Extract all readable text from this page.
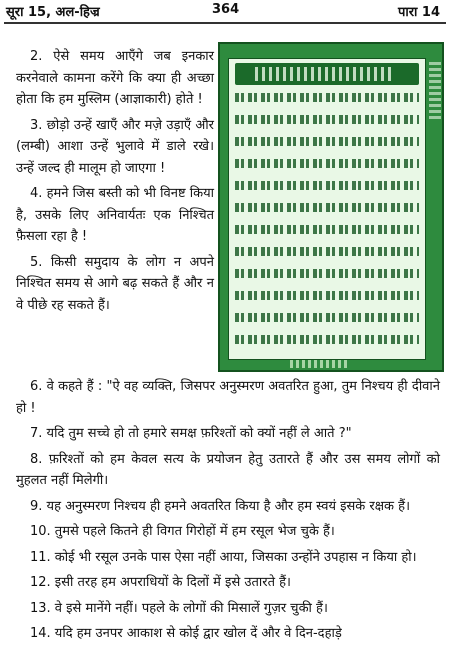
सूरा 15, अल-हिज्र	364	पारा 14

2. ऐसे समय आएँगे जब इनकार करनेवाले कामना करेंगे कि क्या ही अच्छा होता कि हम मुस्लिम (आज्ञाकारी) होते !

3. छोड़ो उन्हें खाएँ और मज़े उड़ाएँ और (लम्बी) आशा उन्हें भुलावे में डाले रखे। उन्हें जल्द ही मालूम हो जाएगा !

4. हमने जिस बस्ती को भी विनष्ट किया है, उसके लिए अनिवार्यतः एक निश्चित फ़ैसला रहा है !

5. किसी समुदाय के लोग न अपने निश्चित समय से आगे बढ़ सकते हैं और न वे पीछे रह सकते हैं।

6. वे कहते हैं : "ऐ वह व्यक्ति, जिसपर अनुस्मरण अवतरित हुआ, तुम निश्चय ही दीवाने हो !

7. यदि तुम सच्चे हो तो हमारे समक्ष फ़रिश्तों को क्यों नहीं ले आते ?"

8. फ़रिश्तों को हम केवल सत्य के प्रयोजन हेतु उतारते हैं और उस समय लोगों को मुहलत नहीं मिलेगी।

9. यह अनुस्मरण निश्चय ही हमने अवतरित किया है और हम स्वयं इसके रक्षक हैं।

10. तुमसे पहले कितने ही विगत गिरोहों में हम रसूल भेज चुके हैं।

11. कोई भी रसूल उनके पास ऐसा नहीं आया, जिसका उन्होंने उपहास न किया हो।

12. इसी तरह हम अपराधियों के दिलों में इसे उतारते हैं।

13. वे इसे मानेंगे नहीं। पहले के लोगों की मिसालें गुज़र चुकी हैं।

14. यदि हम उनपर आकाश से कोई द्वार खोल दें और वे दिन-दहाड़े
